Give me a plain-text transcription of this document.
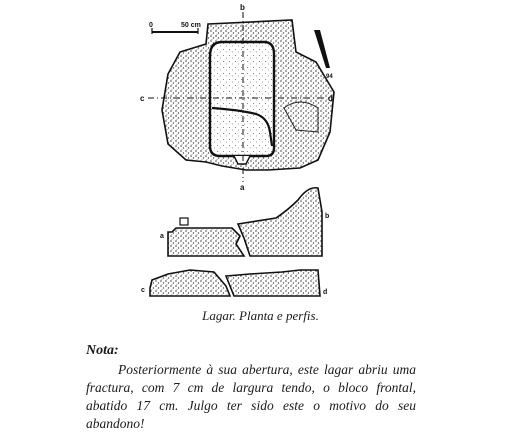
0	50 cm
94
b
a
c	d
a
b
c	d
Lagar. Planta e perfis.
Nota:
Posteriormente à sua abertura, este lagar abriu uma fractura, com 7 cm de largura tendo, o bloco frontal, abatido 17 cm. Julgo ter sido este o motivo do seu abandono!
